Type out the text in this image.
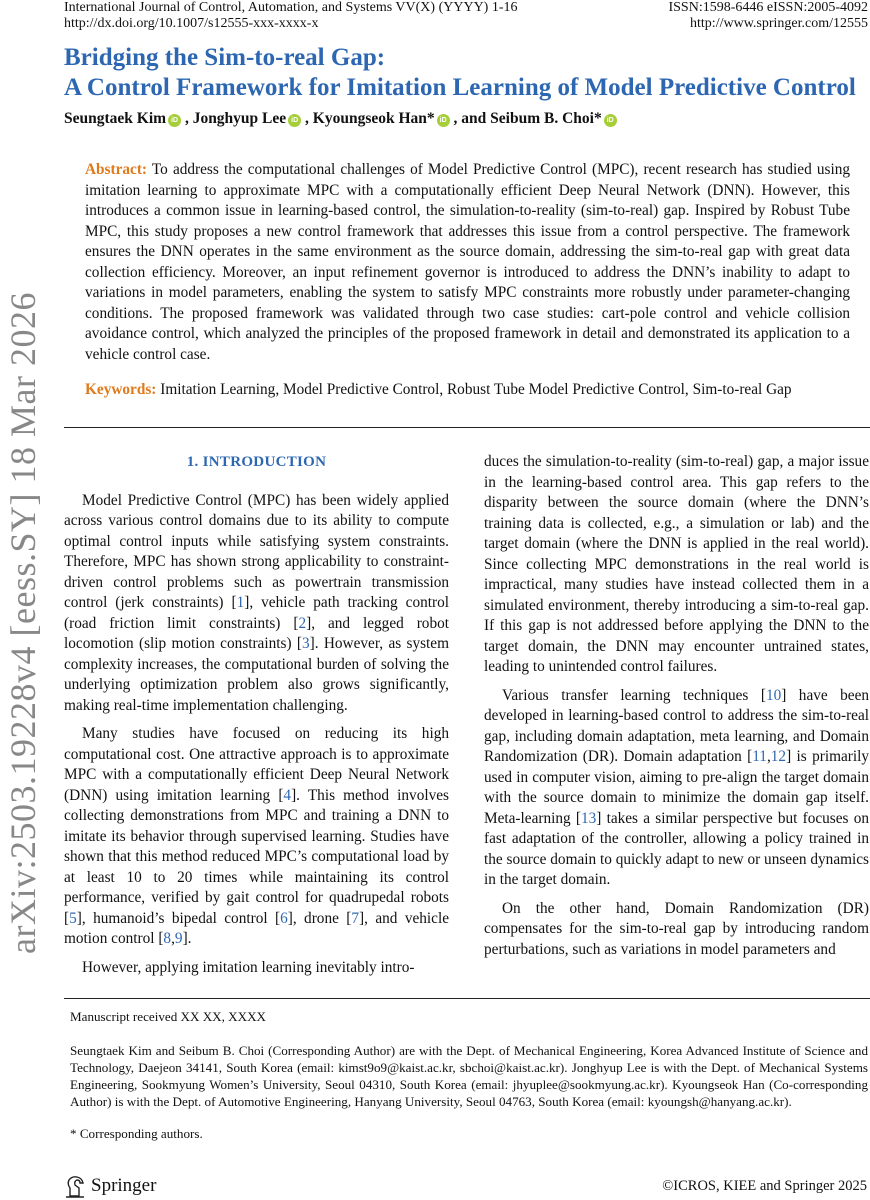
International Journal of Control, Automation, and Systems VV(X) (YYYY) 1-16	ISSN:1598-6446 eISSN:2005-4092
http://dx.doi.org/10.1007/s12555-xxx-xxxx-x	http://www.springer.com/12555
arXiv:2503.19228v4 [eess.SY] 18 Mar 2026
Bridging the Sim-to-real Gap:
A Control Framework for Imitation Learning of Model Predictive Control
Seungtaek Kim iD , Jonghyup Lee iD , Kyoungseok Han* iD , and Seibum B. Choi* iD
Abstract: To address the computational challenges of Model Predictive Control (MPC), recent research has studied using imitation learning to approximate MPC with a computationally efficient Deep Neural Network (DNN). However, this introduces a common issue in learning-based control, the simulation-to-reality (sim-to-real) gap. Inspired by Robust Tube MPC, this study proposes a new control framework that addresses this issue from a control perspective. The framework ensures the DNN operates in the same environment as the source domain, addressing the sim-to-real gap with great data collection efficiency. Moreover, an input refinement governor is introduced to address the DNN’s inability to adapt to variations in model parameters, enabling the system to satisfy MPC constraints more robustly under parameter-changing conditions. The proposed framework was validated through two case studies: cart-pole control and vehicle collision avoidance control, which analyzed the principles of the proposed framework in detail and demonstrated its application to a vehicle control case.
Keywords: Imitation Learning, Model Predictive Control, Robust Tube Model Predictive Control, Sim-to-real Gap
1. INTRODUCTION

Model Predictive Control (MPC) has been widely applied across various control domains due to its ability to compute optimal control inputs while satisfying system constraints. Therefore, MPC has shown strong applicability to constraint-driven control problems such as powertrain transmission control (jerk constraints) [1], vehicle path tracking control (road friction limit constraints) [2], and legged robot locomotion (slip motion constraints) [3]. However, as system complexity increases, the computational burden of solving the underlying optimization problem also grows significantly, making real-time implementation challenging.

Many studies have focused on reducing its high computational cost. One attractive approach is to approximate MPC with a computationally efficient Deep Neural Network (DNN) using imitation learning [4]. This method involves collecting demonstrations from MPC and training a DNN to imitate its behavior through supervised learning. Studies have shown that this method reduced MPC’s computational load by at least 10 to 20 times while maintaining its control performance, verified by gait control for quadrupedal robots [5], humanoid’s bipedal control [6], drone [7], and vehicle motion control [8,9].

However, applying imitation learning inevitably intro-

duces the simulation-to-reality (sim-to-real) gap, a major issue in the learning-based control area. This gap refers to the disparity between the source domain (where the DNN’s training data is collected, e.g., a simulation or lab) and the target domain (where the DNN is applied in the real world). Since collecting MPC demonstrations in the real world is impractical, many studies have instead collected them in a simulated environment, thereby introducing a sim-to-real gap. If this gap is not addressed before applying the DNN to the target domain, the DNN may encounter untrained states, leading to unintended control failures.

Various transfer learning techniques [10] have been developed in learning-based control to address the sim-to-real gap, including domain adaptation, meta learning, and Domain Randomization (DR). Domain adaptation [11,12] is primarily used in computer vision, aiming to pre-align the target domain with the source domain to minimize the domain gap itself. Meta-learning [13] takes a similar perspective but focuses on fast adaptation of the controller, allowing a policy trained in the source domain to quickly adapt to new or unseen dynamics in the target domain.

On the other hand, Domain Randomization (DR) compensates for the sim-to-real gap by introducing random perturbations, such as variations in model parameters and

Manuscript received XX XX, XXXX
Seungtaek Kim and Seibum B. Choi (Corresponding Author) are with the Dept. of Mechanical Engineering, Korea Advanced Institute of Science and Technology, Daejeon 34141, South Korea (email: kimst9o9@kaist.ac.kr, sbchoi@kaist.ac.kr). Jonghyup Lee is with the Dept. of Mechanical Systems Engineering, Sookmyung Women’s University, Seoul 04310, South Korea (email: jhyuplee@sookmyung.ac.kr). Kyoungseok Han (Co-corresponding Author) is with the Dept. of Automotive Engineering, Hanyang University, Seoul 04763, South Korea (email: kyoungsh@hanyang.ac.kr).
* Corresponding authors.
Springer	©ICROS, KIEE and Springer 2025
